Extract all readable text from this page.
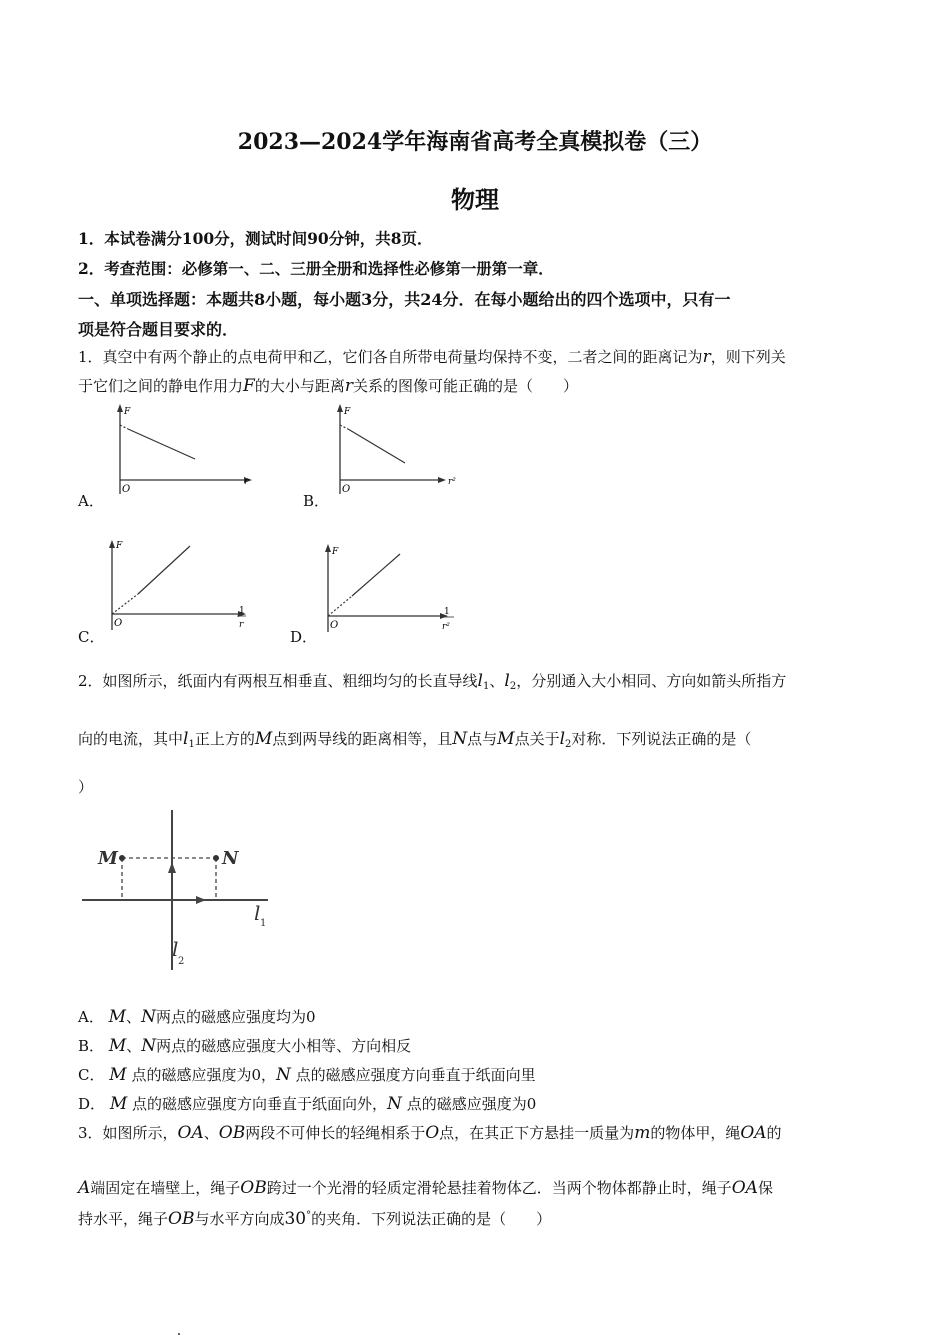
2023—2024学年海南省高考全真模拟卷（三）
物理
1．本试卷满分100分，测试时间90分钟，共8页．
2．考查范围：必修第一、二、三册全册和选择性必修第一册第一章．
一、单项选择题：本题共8小题，每小题3分，共24分．在每小题给出的四个选项中，只有一
项是符合题目要求的．
1．真空中有两个静止的点电荷甲和乙，它们各自所带电荷量均保持不变，二者之间的距离记为r，则下列关
于它们之间的静电作用力F的大小与距离r关系的图像可能正确的是（　　）
A．	B．
C．	D．
F
O
r
F
O
r²
F
O
1
r
F
O
1
r²
2．如图所示，纸面内有两根互相垂直、粗细均匀的长直导线$l_1$、$l_2$，分别通入大小相同、方向如箭头所指方
向的电流，其中$l_1$正上方的M点到两导线的距离相等，且N点与M点关于$l_2$对称．下列说法正确的是（
）
M	N
l 1
l
2
A． M、N两点的磁感应强度均为0
B． M、N两点的磁感应强度大小相等、方向相反
C． M 点的磁感应强度为0，N 点的磁感应强度方向垂直于纸面向里
D． M 点的磁感应强度方向垂直于纸面向外，N 点的磁感应强度为0
3．如图所示，OA、OB两段不可伸长的轻绳相系于O点，在其正下方悬挂一质量为m的物体甲，绳OA的
A端固定在墙壁上，绳子OB跨过一个光滑的轻质定滑轮悬挂着物体乙．当两个物体都静止时，绳子OA保
持水平，绳子OB与水平方向成30°的夹角．下列说法正确的是（　　）
